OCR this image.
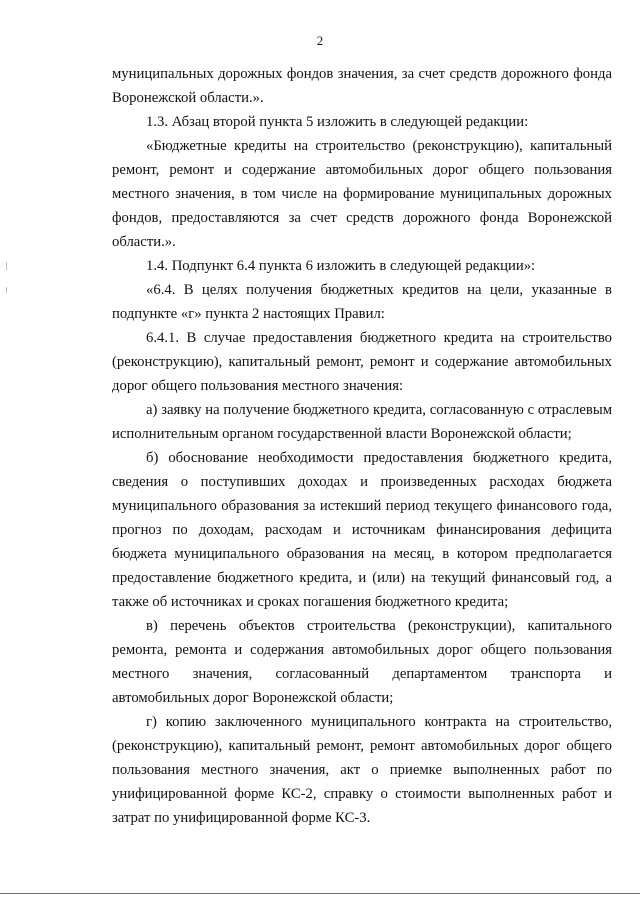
2

муниципальных дорожных фондов значения, за счет средств дорожного фонда Воронежской области.».

1.3. Абзац второй пункта 5 изложить в следующей редакции:

«Бюджетные кредиты на строительство (реконструкцию), капитальный ремонт, ремонт и содержание автомобильных дорог общего пользования местного значения, в том числе на формирование муниципальных дорожных фондов, предоставляются за счет средств дорожного фонда Воронежской области.».

1.4. Подпункт 6.4 пункта 6 изложить в следующей редакции»:

«6.4. В целях получения бюджетных кредитов на цели, указанные в подпункте «г» пункта 2 настоящих Правил:

6.4.1. В случае предоставления бюджетного кредита на строительство (реконструкцию), капитальный ремонт, ремонт и содержание автомобильных дорог общего пользования местного значения:

а) заявку на получение бюджетного кредита, согласованную с отраслевым исполнительным органом государственной власти Воронежской области;

б) обоснование необходимости предоставления бюджетного кредита, сведения о поступивших доходах и произведенных расходах бюджета муниципального образования за истекший период текущего финансового года, прогноз по доходам, расходам и источникам финансирования дефицита бюджета муниципального образования на месяц, в котором предполагается предоставление бюджетного кредита, и (или) на текущий финансовый год, а также об источниках и сроках погашения бюджетного кредита;

в) перечень объектов строительства (реконструкции), капитального ремонта, ремонта и содержания автомобильных дорог общего пользования местного значения, согласованный департаментом транспорта и автомобильных дорог Воронежской области;

г) копию заключенного муниципального контракта на строительство, (реконструкцию), капитальный ремонт, ремонт автомобильных дорог общего пользования местного значения, акт о приемке выполненных работ по унифицированной форме КС-2, справку о стоимости выполненных работ и затрат по унифицированной форме КС-3.
